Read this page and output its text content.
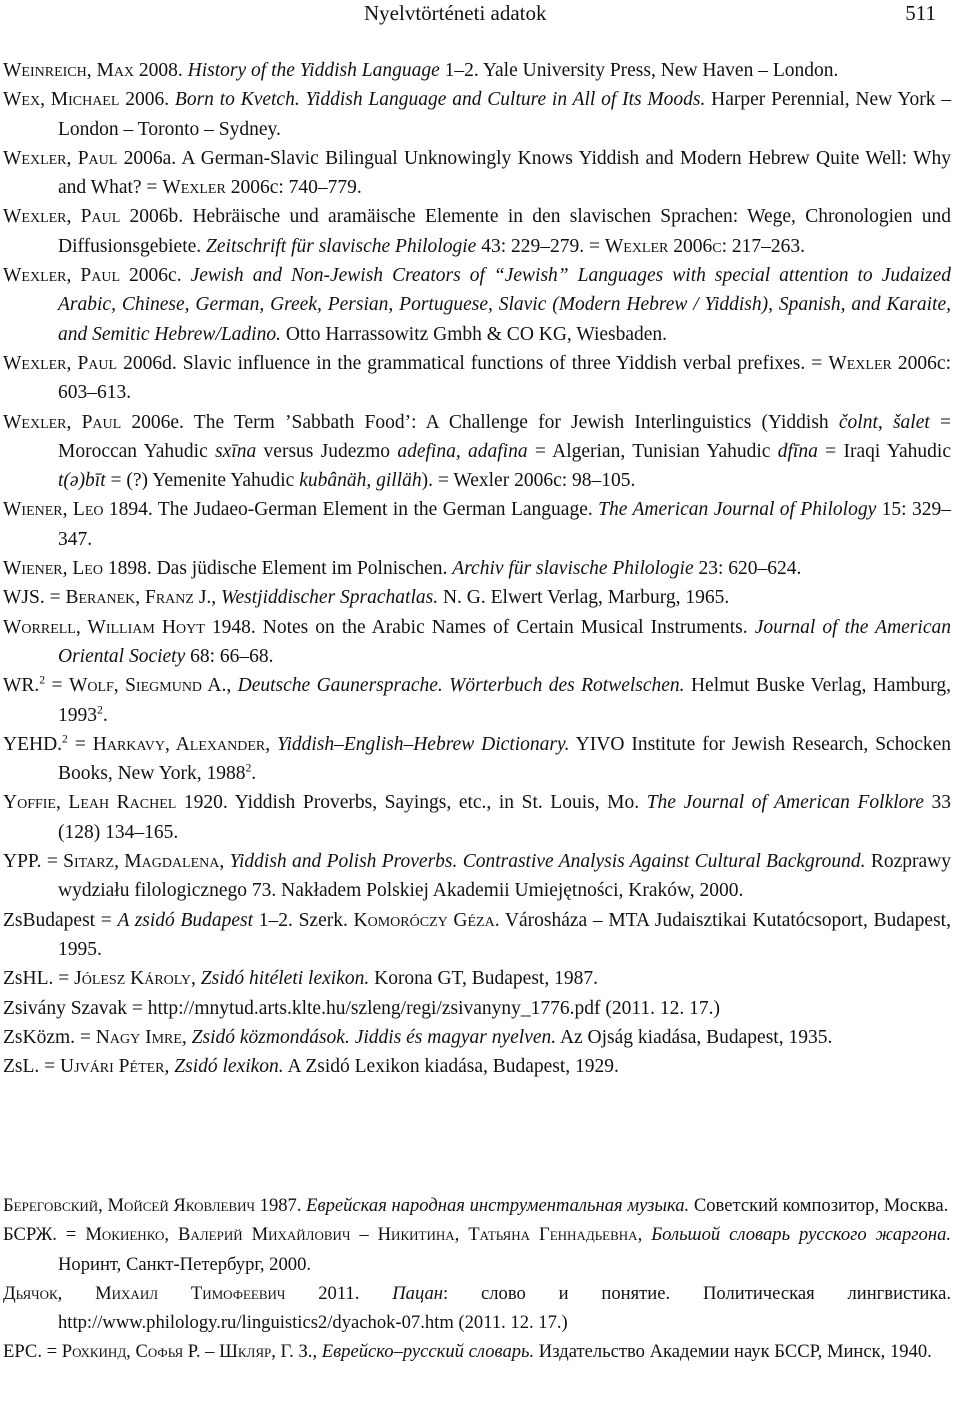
Nyelvtörténeti adatok	511
Weinreich, Max 2008. History of the Yiddish Language 1–2. Yale University Press, New Haven – London.
Wex, Michael 2006. Born to Kvetch. Yiddish Language and Culture in All of Its Moods. Harper Perennial, New York – London – Toronto – Sydney.
Wexler, Paul 2006a. A German-Slavic Bilingual Unknowingly Knows Yiddish and Modern Hebrew Quite Well: Why and What? = Wexler 2006c: 740–779.
Wexler, Paul 2006b. Hebräische und aramäische Elemente in den slavischen Sprachen: Wege, Chronologien und Diffusionsgebiete. Zeitschrift für slavische Philologie 43: 229–279. = Wexler 2006c: 217–263.
Wexler, Paul 2006c. Jewish and Non-Jewish Creators of “Jewish” Languages with special attention to Judaized Arabic, Chinese, German, Greek, Persian, Portuguese, Slavic (Modern Hebrew / Yiddish), Spanish, and Karaite, and Semitic Hebrew/Ladino. Otto Harrassowitz Gmbh & CO KG, Wiesbaden.
Wexler, Paul 2006d. Slavic influence in the grammatical functions of three Yiddish verbal prefixes. = Wexler 2006c: 603–613.
Wexler, Paul 2006e. The Term ’Sabbath Food’: A Challenge for Jewish Interlinguistics (Yiddish čolnt, šalet = Moroccan Yahudic sxīna versus Judezmo adefina, adafina = Algerian, Tunisian Yahudic dfīna = Iraqi Yahudic t(ə)bīt = (?) Yemenite Yahudic kubânäh, gilläh). = Wexler 2006c: 98–105.
Wiener, Leo 1894. The Judaeo-German Element in the German Language. The American Journal of Philology 15: 329–347.
Wiener, Leo 1898. Das jüdische Element im Polnischen. Archiv für slavische Philologie 23: 620–624.
WJS. = Beranek, Franz J., Westjiddischer Sprachatlas. N. G. Elwert Verlag, Marburg, 1965.
Worrell, William Hoyt 1948. Notes on the Arabic Names of Certain Musical Instruments. Journal of the American Oriental Society 68: 66–68.
WR.$^2$ = Wolf, Siegmund A., Deutsche Gaunersprache. Wörterbuch des Rotwelschen. Helmut Buske Verlag, Hamburg, 1993$^2$.
YEHD.$^2$ = Harkavy, Alexander, Yiddish–English–Hebrew Dictionary. YIVO Institute for Jewish Research, Schocken Books, New York, 1988$^2$.
Yoffie, Leah Rachel 1920. Yiddish Proverbs, Sayings, etc., in St. Louis, Mo. The Journal of American Folklore 33 (128) 134–165.
YPP. = Sitarz, Magdalena, Yiddish and Polish Proverbs. Contrastive Analysis Against Cultural Background. Rozprawy wydziału filologicznego 73. Nakładem Polskiej Akademii Umiejętności, Kraków, 2000.
ZsBudapest = A zsidó Budapest 1–2. Szerk. Komoróczy Géza. Városháza – MTA Judaisztikai Kutatócsoport, Budapest, 1995.
ZsHL. = Jólesz Károly, Zsidó hitéleti lexikon. Korona GT, Budapest, 1987.
Zsivány Szavak = http://mnytud.arts.klte.hu/szleng/regi/zsivanyny_1776.pdf (2011. 12. 17.)
ZsKözm. = Nagy Imre, Zsidó közmondások. Jiddis és magyar nyelven. Az Ojság kiadása, Budapest, 1935.
ZsL. = Ujvári Péter, Zsidó lexikon. A Zsidó Lexikon kiadása, Budapest, 1929.
Береговский, Мойсей Яковлевич 1987. Еврейская народная инструментальная музыка. Советский композитор, Москва.
БСРЖ. = Мокиенко, Валерий Михайлович – Никитина, Татьяна Геннадьевна, Большой словарь русского жаргона. Норинт, Санкт-Петербург, 2000.
Дьячок, Михаил Тимофеевич 2011. Пацан: слово и понятие. Политическая лингвистика. http://www.philology.ru/linguistics2/dyachok-07.htm (2011. 12. 17.)
ЕРС. = Рохкинд, Софья Р. – Шкляр, Г. З., Еврейско–русский словарь. Издательство Академии наук БССР, Минск, 1940.
